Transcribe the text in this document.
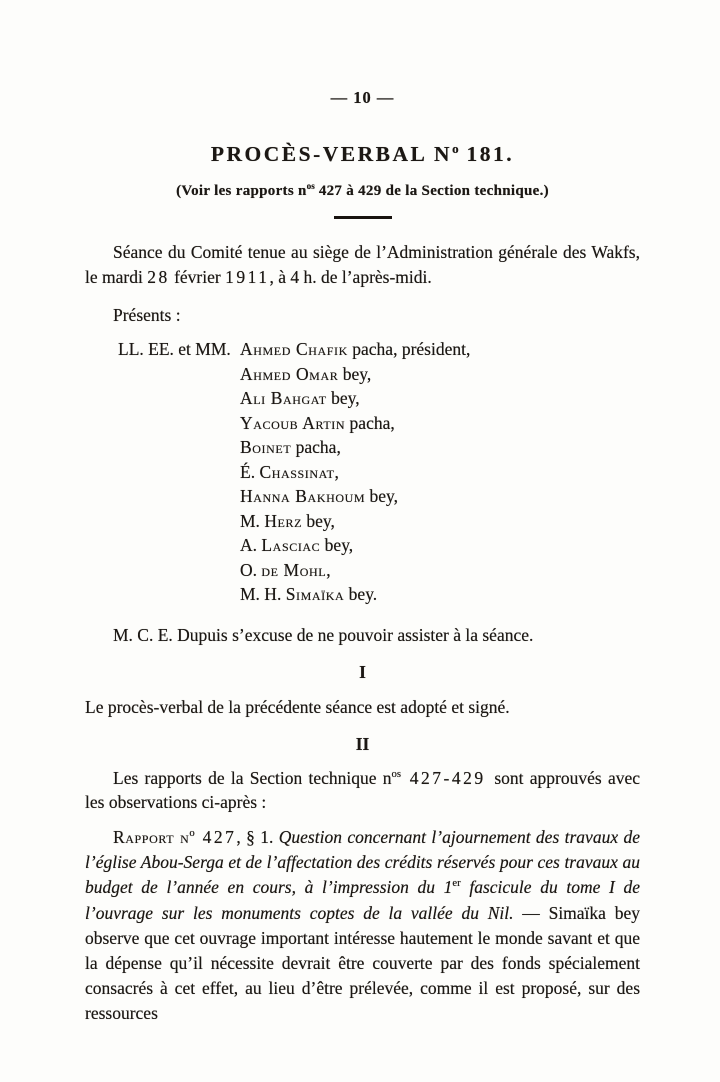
— 10 —
PROCÈS-VERBAL $N^o$ 181.
(Voir les rapports $n^{os}$ 427 à 429 de la Section technique.)

Séance du Comité tenue au siège de l’Administration générale des Wakfs, le mardi 28 février 1911, à 4 h. de l’après-midi.

Présents :

LL. EE. et MM. Ahmed Chafik pacha, président,
Ahmed Omar bey,
Ali Bahgat bey,
Yacoub Artin pacha,
Boinet pacha,
É. Chassinat,
Hanna Bakhoum bey,
M. Herz bey,
A. Lasciac bey,
O. de Mohl,
M. H. Simaïka bey.

M. C. E. Dupuis s’excuse de ne pouvoir assister à la séance.

I

Le procès-verbal de la précédente séance est adopté et signé.

II

Les rapports de la Section technique $n^{os}$ 427-429 sont approuvés avec les observations ci-après :

Rapport $n^o$ 427, § 1. Question concernant l’ajournement des travaux de l’église Abou-Serga et de l’affectation des crédits réservés pour ces travaux au budget de l’année en cours, à l’impression du 1er fascicule du tome I de l’ouvrage sur les monuments coptes de la vallée du Nil. — Simaïka bey observe que cet ouvrage important intéresse hautement le monde savant et que la dépense qu’il nécessite devrait être couverte par des fonds spécialement consacrés à cet effet, au lieu d’être prélevée, comme il est proposé, sur des ressources
